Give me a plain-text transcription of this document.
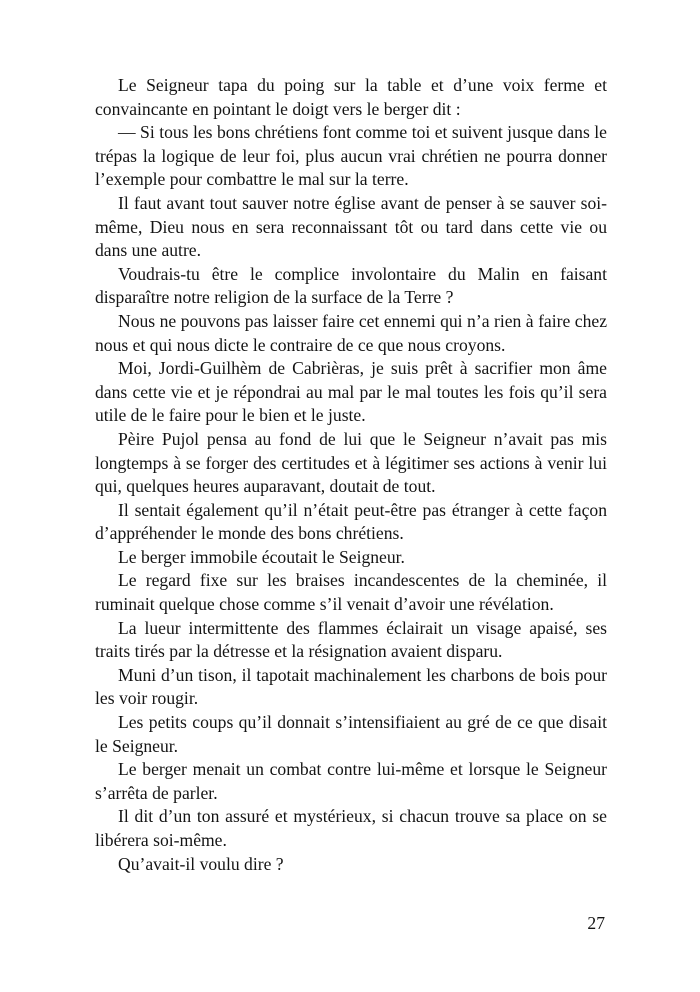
Le Seigneur tapa du poing sur la table et d’une voix ferme et convaincante en pointant le doigt vers le berger dit :

— Si tous les bons chrétiens font comme toi et suivent jusque dans le trépas la logique de leur foi, plus aucun vrai chrétien ne pourra donner l’exemple pour combattre le mal sur la terre.

Il faut avant tout sauver notre église avant de penser à se sauver soi-même, Dieu nous en sera reconnaissant tôt ou tard dans cette vie ou dans une autre.

Voudrais-tu être le complice involontaire du Malin en faisant disparaître notre religion de la surface de la Terre ?

Nous ne pouvons pas laisser faire cet ennemi qui n’a rien à faire chez nous et qui nous dicte le contraire de ce que nous croyons.

Moi, Jordi-Guilhèm de Cabrièras, je suis prêt à sacrifier mon âme dans cette vie et je répondrai au mal par le mal toutes les fois qu’il sera utile de le faire pour le bien et le juste.

Pèire Pujol pensa au fond de lui que le Seigneur n’avait pas mis longtemps à se forger des certitudes et à légitimer ses actions à venir lui qui, quelques heures auparavant, doutait de tout.

Il sentait également qu’il n’était peut-être pas étranger à cette façon d’appréhender le monde des bons chrétiens.

Le berger immobile écoutait le Seigneur.

Le regard fixe sur les braises incandescentes de la cheminée, il ruminait quelque chose comme s’il venait d’avoir une révélation.

La lueur intermittente des flammes éclairait un visage apaisé, ses traits tirés par la détresse et la résignation avaient disparu.

Muni d’un tison, il tapotait machinalement les charbons de bois pour les voir rougir.

Les petits coups qu’il donnait s’intensifiaient au gré de ce que disait le Seigneur.

Le berger menait un combat contre lui-même et lorsque le Seigneur s’arrêta de parler.

Il dit d’un ton assuré et mystérieux, si chacun trouve sa place on se libérera soi-même.

Qu’avait-il voulu dire ?

27
